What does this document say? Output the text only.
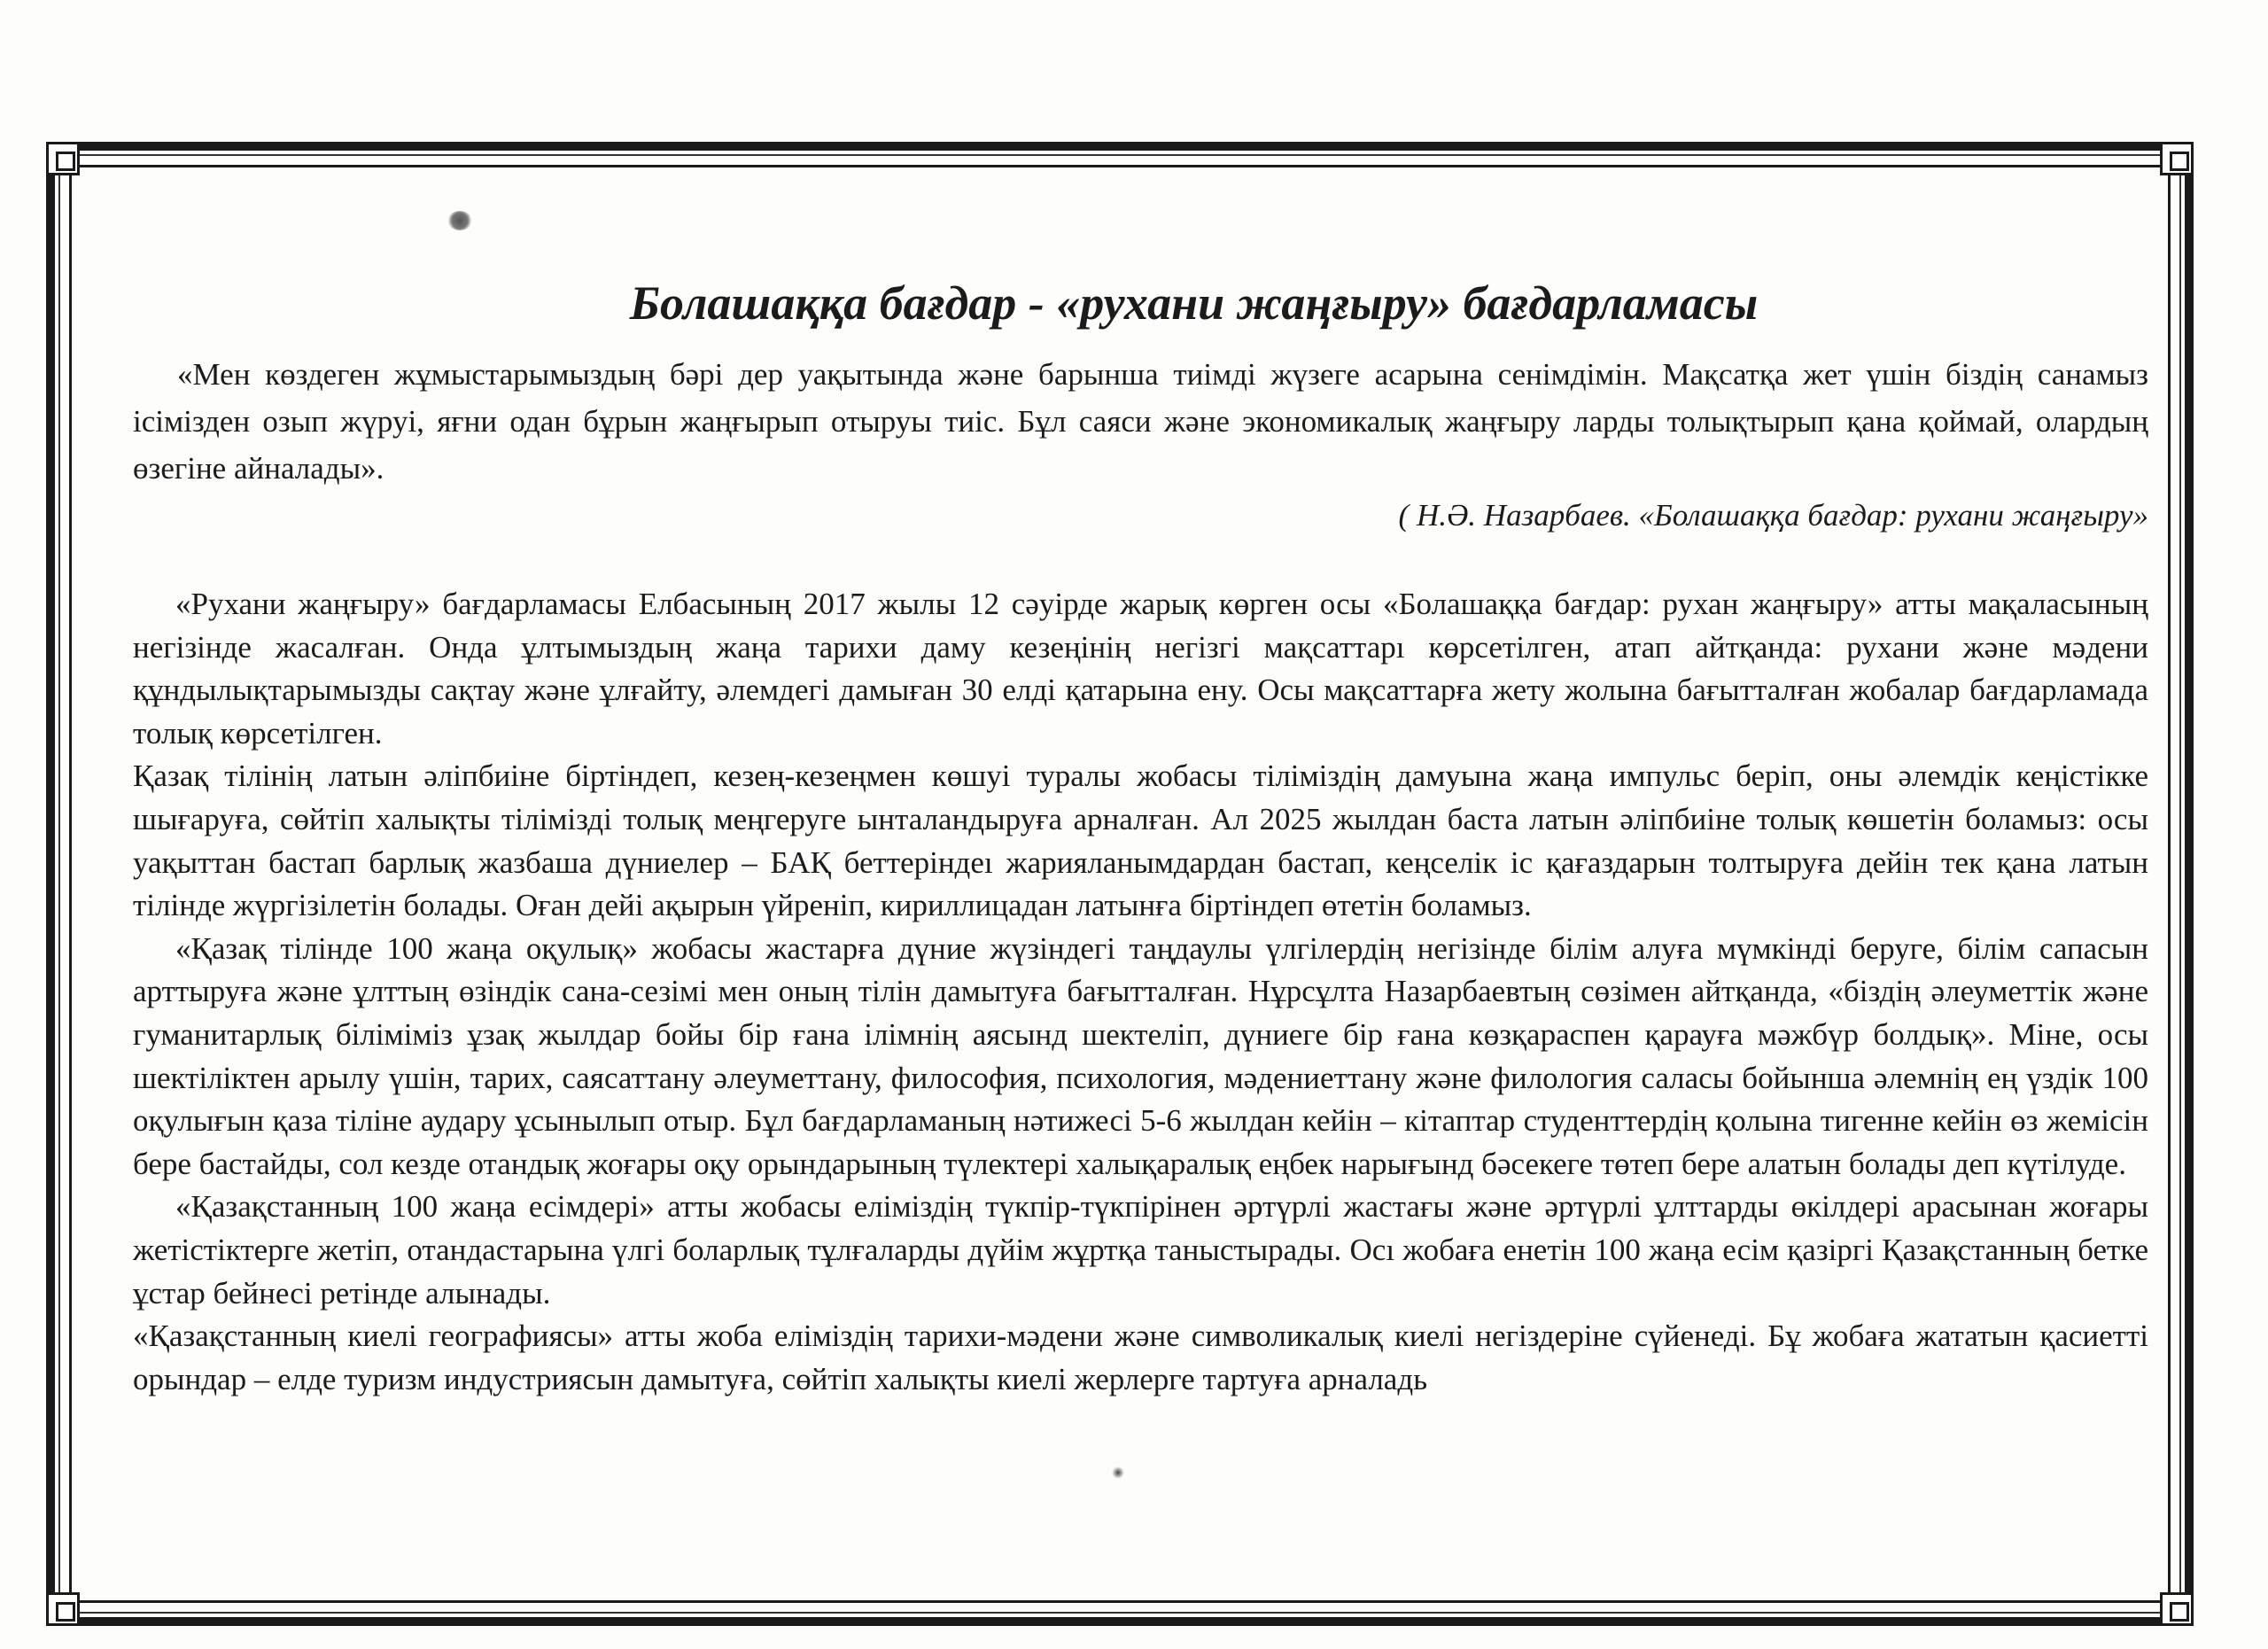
Болашаққа бағдар - «рухани жаңғыру» бағдарламасы

«Мен көздеген жұмыстарымыздың бәрі дер уақытында және барынша тиімді жүзеге асарына сенімдімін. Мақсатқа жет үшін біздің санамыз ісімізден озып жүруі, яғни одан бұрын жаңғырып отыруы тиіс. Бұл саяси және экономикалық жаңғыру ларды толықтырып қана қоймай, олардың өзегіне айналады».

( Н.Ә. Назарбаев. «Болашаққа бағдар: рухани жаңғыру»

«Рухани жаңғыру» бағдарламасы Елбасының 2017 жылы 12 сәуірде жарық көрген осы «Болашаққа бағдар: рухан жаңғыру» атты мақаласының негізінде жасалған. Онда ұлтымыздың жаңа тарихи даму кезеңінің негізгі мақсаттарı көрсетілген, атап айтқанда: рухани және мәдени құндылықтарымызды сақтау және ұлғайту, әлемдегі дамыған 30 елдi қатарына ену. Осы мақсаттарға жету жолына бағытталған жобалар бағдарламада толық көрсетілген.

Қазақ тілінің латын әліпбиіне біртіндеп, кезең-кезеңмен көшуі туралы жобасы тіліміздің дамуына жаңа импульс беріп, оны әлемдік кеңістікке шығаруға, сөйтіп халықты тілімізді толық меңгеруге ынталандыруға арналған. Ал 2025 жылдан баста латын әліпбиіне толық көшетін боламыз: осы уақыттан бастап барлық жазбаша дүниелер – БАҚ беттеріндеı жарияланымдардан бастап, кеңселік іс қағаздарын толтыруға дейін тек қана латын тілінде жүргізілетін болады. Оған дейі ақырын үйреніп, кириллицадан латынға біртіндеп өтетін боламыз.

«Қазақ тілінде 100 жаңа оқулық» жобасы жастарға дүние жүзіндегі таңдаулы үлгілердің негізінде білім алуға мүмкінді беруге, білім сапасын арттыруға және ұлттың өзіндік сана-сезімі мен оның тілін дамытуға бағытталған. Нұрсұлта Назарбаевтың сөзімен айтқанда, «біздің әлеуметтік және гуманитарлық біліміміз ұзақ жылдар бойы бір ғана ілімнің аясынд шектеліп, дүниеге бір ғана көзқараспен қарауға мәжбүр болдық». Міне, осы шектіліктен арылу үшін, тарих, саясаттану әлеуметтану, философия, психология, мәдениеттану және филология саласы бойынша әлемнің ең үздік 100 оқулығын қаза тіліне аудару ұсынылып отыр. Бұл бағдарламаның нәтижесі 5-6 жылдан кейін – кітаптар студенттердің қолына тигенне кейін өз жемісін бере бастайды, сол кезде отандық жоғары оқу орындарының түлектері халықаралық еңбек нарығынд бәсекеге төтеп бере алатын болады деп күтілуде.

«Қазақстанның 100 жаңа есімдері» атты жобасы еліміздің түкпір-түкпірінен әртүрлі жастағы және әртүрлі ұлттарды өкілдері арасынан жоғары жетістіктерге жетіп, отандастарына үлгі боларлық тұлғаларды дүйім жұртқа таныстырады. Осı жобаға енетін 100 жаңа есім қазіргі Қазақстанның бетке ұстар бейнесі ретінде алынады.

«Қазақстанның киелі географиясы» атты жоба еліміздің тарихи-мәдени және символикалық киелі негіздеріне сүйенеді. Бұ жобаға жататын қасиетті орындар – елде туризм индустриясын дамытуға, сөйтіп халықты киелі жерлерге тартуға арналадь
